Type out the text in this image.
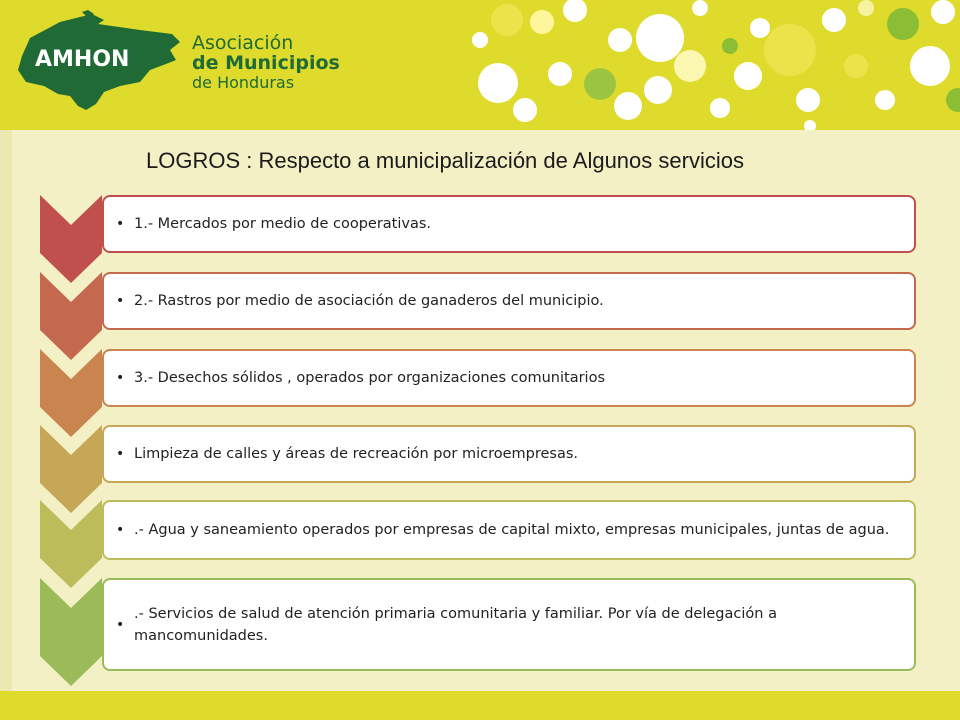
AMHON
Asociación
de Municipios
de Honduras
LOGROS : Respecto a municipalización de Algunos servicios
• 1.- Mercados por medio de cooperativas.
• 2.- Rastros por medio de asociación de ganaderos del municipio.
• 3.- Desechos sólidos , operados por organizaciones comunitarios
• Limpieza de calles y áreas de recreación por microempresas.
• .- Agua y saneamiento operados por empresas de capital mixto, empresas municipales, juntas de agua.
•
.- Servicios de salud de atención primaria comunitaria y familiar. Por vía de delegación a mancomunidades.
